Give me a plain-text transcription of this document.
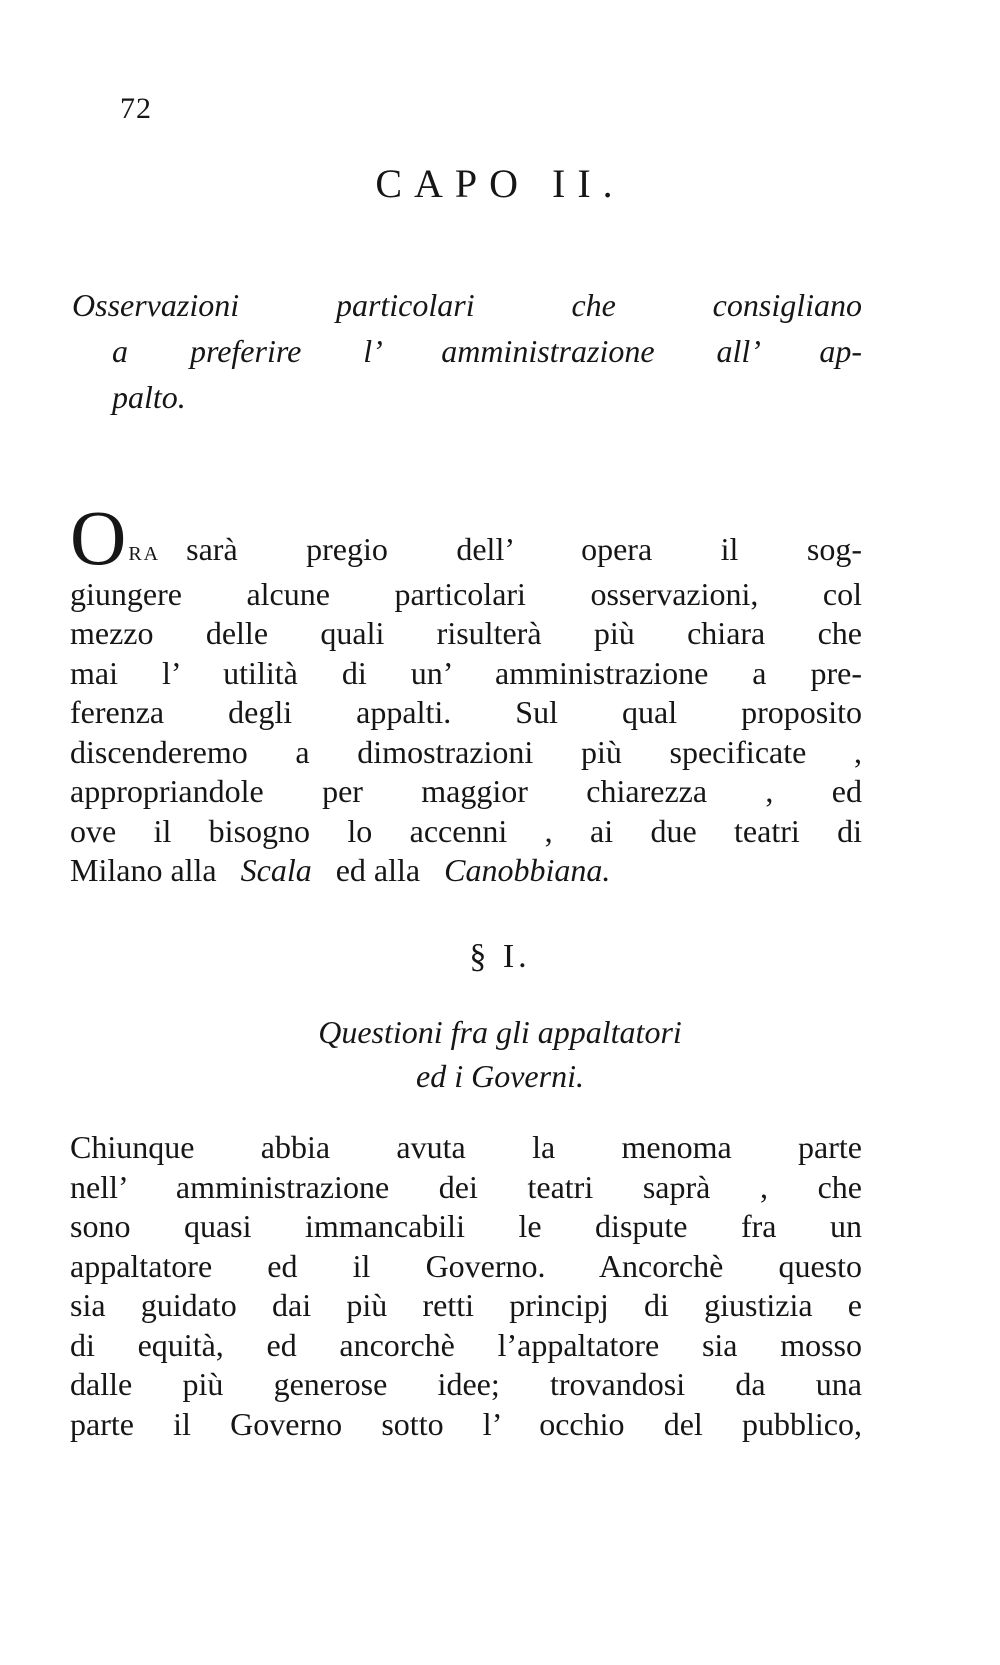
72
CAPO II.
Osservazioni particolari che consigliano
a preferire l’ amministrazione all’ ap-
palto.
ORA sarà pregio dell’ opera il sog-
giungere alcune particolari osservazioni, col
mezzo delle quali risulterà più chiara che
mai l’ utilità di un’ amministrazione a pre-
ferenza degli appalti. Sul qual proposito
discenderemo a dimostrazioni più specificate ,
appropriandole per maggior chiarezza , ed
ove il bisogno lo accenni , ai due teatri di
Milano alla Scala ed alla Canobbiana.
§ I.
Questioni fra gli appaltatori
ed i Governi.
Chiunque abbia avuta la menoma parte
nell’ amministrazione dei teatri saprà , che
sono quasi immancabili le dispute fra un
appaltatore ed il Governo. Ancorchè questo
sia guidato dai più retti principj di giustizia e
di equità, ed ancorchè l’appaltatore sia mosso
dalle più generose idee; trovandosi da una
parte il Governo sotto l’ occhio del pubblico,
